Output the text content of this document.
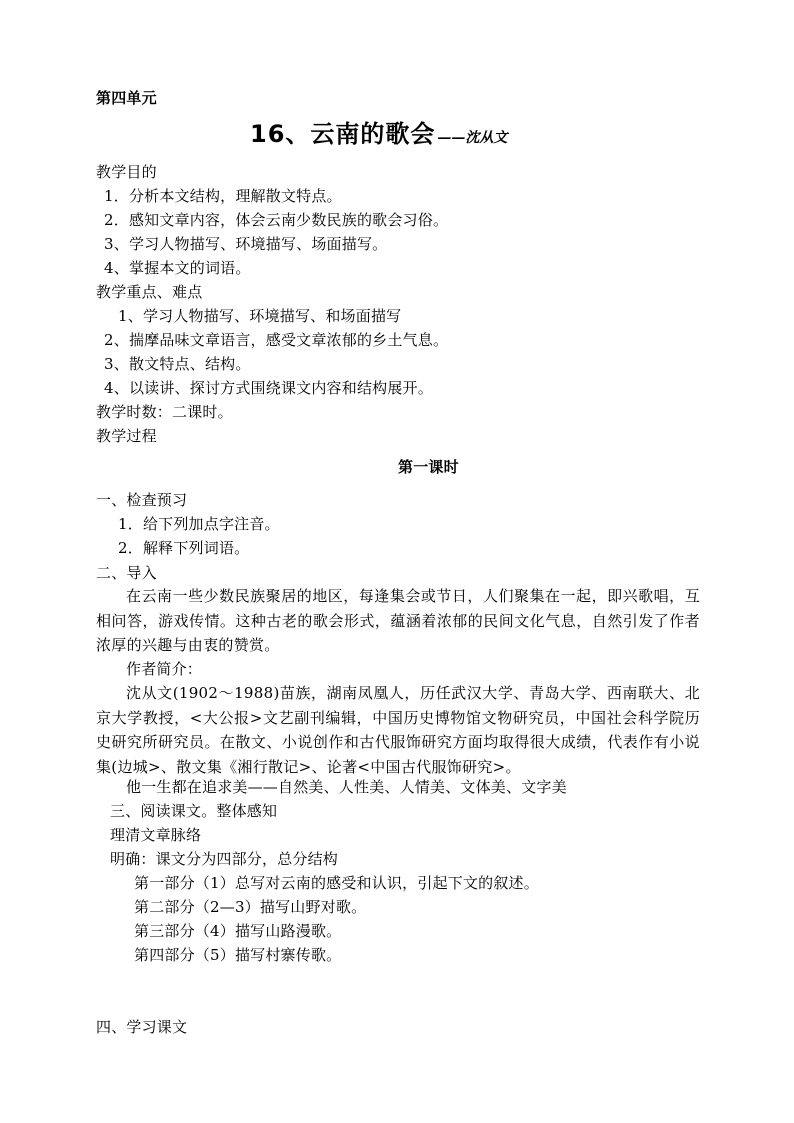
第四单元
16、云南的歌会 ——沈从文
教学目的
1．分析本文结构，理解散文特点。
2．感知文章内容，体会云南少数民族的歌会习俗。
3、学习人物描写、环境描写、场面描写。
4、掌握本文的词语。
教学重点、难点
1、学习人物描写、环境描写、和场面描写
2、揣摩品味文章语言，感受文章浓郁的乡土气息。
3、散文特点、结构。
4、以读讲、探讨方式围绕课文内容和结构展开。
教学时数：二课时。
教学过程
第一课时
一、检查预习
1．给下列加点字注音。
2．解释下列词语。
二、导入
在云南一些少数民族聚居的地区，每逢集会或节日，人们聚集在一起，即兴歌唱，互相问答，游戏传情。这种古老的歌会形式，蕴涵着浓郁的民间文化气息，自然引发了作者浓厚的兴趣与由衷的赞赏。
作者简介：
沈从文(1902～1988)苗族，湖南凤凰人，历任武汉大学、青岛大学、西南联大、北京大学教授，<大公报>文艺副刊编辑，中国历史博物馆文物研究员，中国社会科学院历史研究所研究员。在散文、小说创作和古代服饰研究方面均取得很大成绩，代表作有小说集(边城>、散文集《湘行散记>、论著<中国古代服饰研究>。
他一生都在追求美——自然美、人性美、人情美、文体美、文字美
三、阅读课文。整体感知
理清文章脉络
明确：课文分为四部分，总分结构
第一部分（1）总写对云南的感受和认识，引起下文的叙述。
第二部分（2—3）描写山野对歌。
第三部分（4）描写山路漫歌。
第四部分（5）描写村寨传歌。
四、学习课文
